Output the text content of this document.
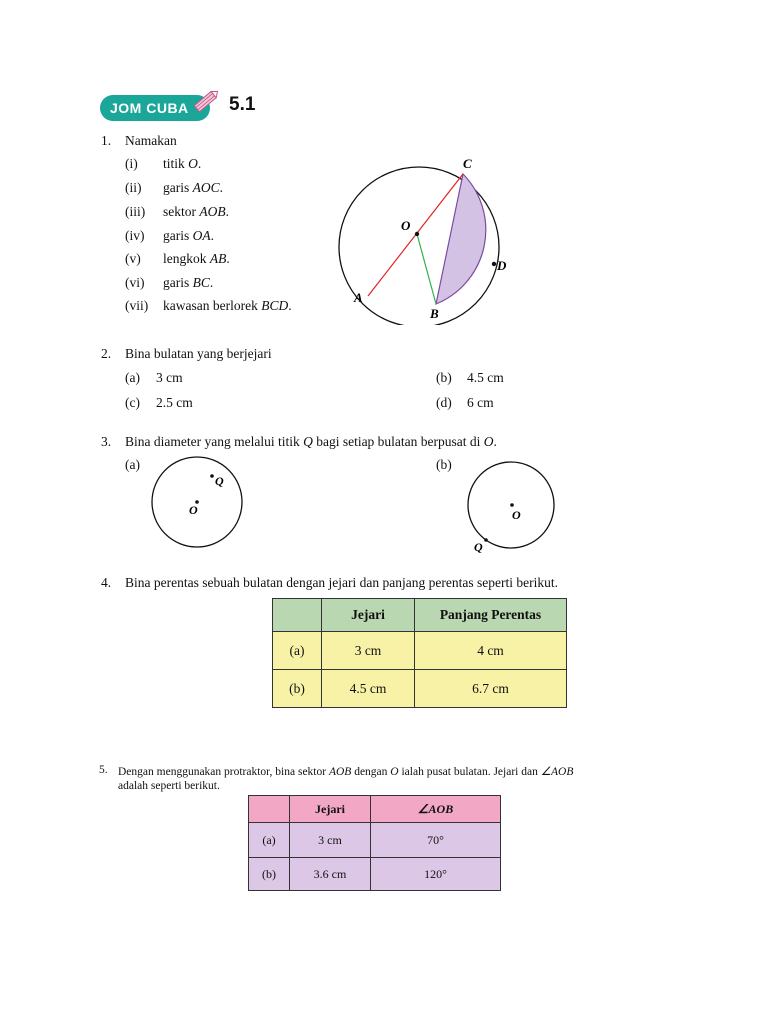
JOM CUBA	5.1
1. Namakan
(i) titik O.
(ii) garis AOC.
(iii) sektor AOB.
(iv) garis OA.
(v) lengkok AB.
(vi) garis BC.
(vii) kawasan berlorek BCD.
C
O
D
A
B
2. Bina bulatan yang berjejari
(a) 3 cm	(b) 4.5 cm
(c) 2.5 cm	(d) 6 cm
3. Bina diameter yang melalui titik Q bagi setiap bulatan berpusat di O.
(a)	(b)
Q
O
Q
O
4. Bina perentas sebuah bulatan dengan jejari dan panjang perentas seperti berikut.
	Jejari	Panjang Perentas
(a)	3 cm	4 cm
(b)	4.5 cm	6.7 cm
5. Dengan menggunakan protraktor, bina sektor AOB dengan O ialah pusat bulatan. Jejari dan ∠AOB
adalah seperti berikut.
	Jejari	∠AOB
(a)	3 cm	70°
(b)	3.6 cm	120°
